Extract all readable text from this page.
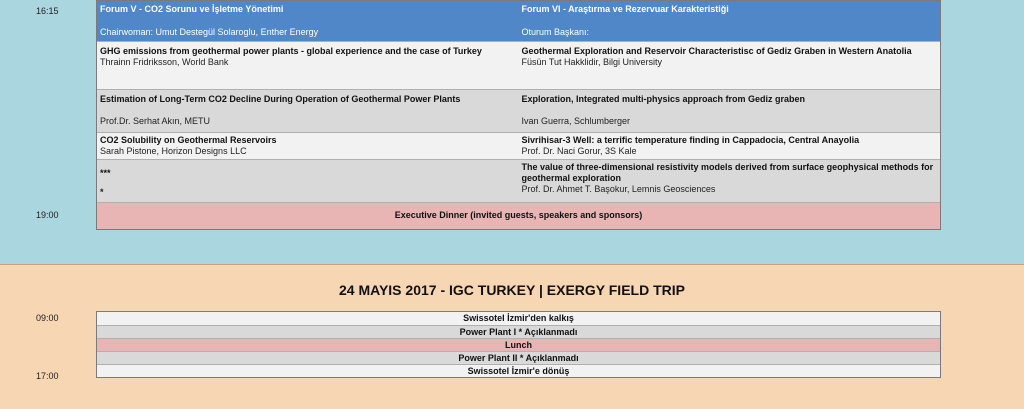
16:15
19:00
Forum V - CO2 Sorunu ve İşletme Yönetimi	Forum VI - Araştırma ve Rezervuar Karakteristiği
Chairwoman: Umut Destegül Solaroglu, Enther Energy	Oturum Başkanı:
GHG emissions from geothermal power plants - global experience and the case of Turkey
Thrainn Fridriksson, World Bank
Geothermal Exploration and Reservoir Characteristisc of Gediz Graben in Western Anatolia
Füsün Tut Hakklidir, Bilgi University
Estimation of Long-Term CO2 Decline During Operation of Geothermal Power Plants
Prof.Dr. Serhat Akın, METU
Exploration, Integrated multi-physics approach from Gediz graben
Ivan Guerra, Schlumberger
CO2 Solubility on Geothermal Reservoirs
Sarah Pistone, Horizon Designs LLC
Sivrihisar-3 Well: a terrific temperature finding in Cappadocia, Central Anayolia
Prof. Dr. Naci Gorur, 3S Kale
***
*
The value of three-dimensional resistivity models derived from surface geophysical methods for geothermal exploration
Prof. Dr. Ahmet T. Başokur, Lemnis Geosciences
Executive Dinner (invited guests, speakers and sponsors)
24 MAYIS 2017 - IGC TURKEY | EXERGY FIELD TRIP
09:00
17:00
Swissotel İzmir'den kalkış
Power Plant I * Açıklanmadı
Lunch
Power Plant II * Açıklanmadı
Swissotel İzmir'e dönüş
